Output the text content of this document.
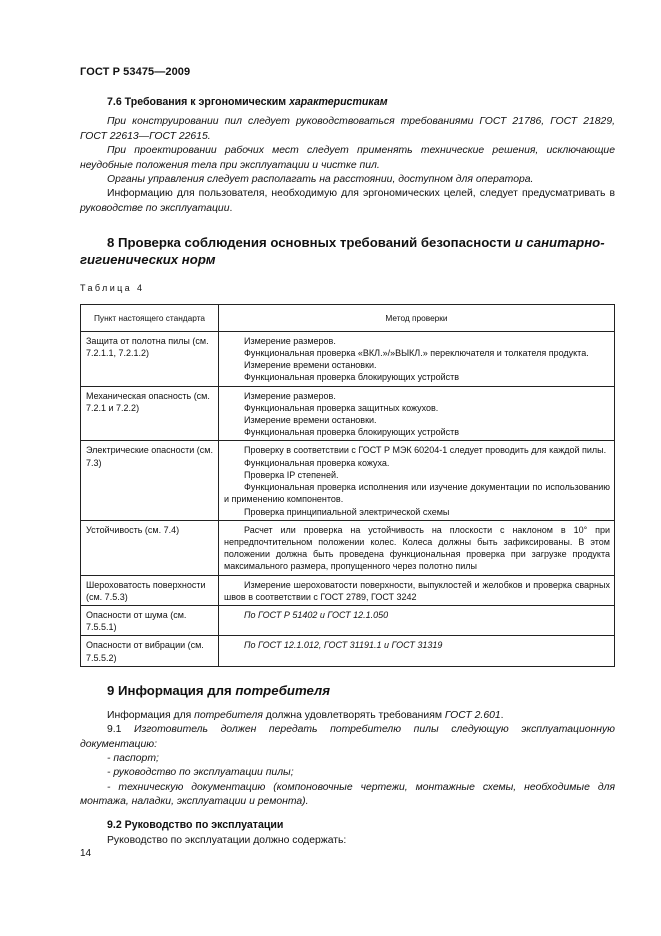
ГОСТ Р 53475—2009
7.6 Требования к эргономическим характеристикам

При конструировании пил следует руководствоваться требованиями ГОСТ 21786, ГОСТ 21829, ГОСТ 22613—ГОСТ 22615.

При проектировании рабочих мест следует применять технические решения, исключающие неудобные положения тела при эксплуатации и чистке пил.

Органы управления следует располагать на расстоянии, доступном для оператора.

Информацию для пользователя, необходимую для эргономических целей, следует предусматривать в руководстве по эксплуатации.

8 Проверка соблюдения основных требований безопасности и санитарно-
гигиенических норм
Таблица 4
Пункт настоящего стандарта	Метод проверки
Защита от полотна пилы (см. 7.2.1.1, 7.2.1.2)	Измерение размеров.
Функциональная проверка «ВКЛ.»/»ВЫКЛ.» переключателя и толкателя продукта.
Измерение времени остановки.
Функциональная проверка блокирующих устройств

Механическая опасность (см. 7.2.1 и 7.2.2)	Измерение размеров.
Функциональная проверка защитных кожухов.
Измерение времени остановки.
Функциональная проверка блокирующих устройств

Электрические опасности (см. 7.3)	Проверку в соответствии с ГОСТ Р МЭК 60204-1 следует проводить для каждой пилы.
Функциональная проверка кожуха.
Проверка IP степеней.
Функциональная проверка исполнения или изучение документации по использованию и применению компонентов.
Проверка принципиальной электрической схемы

Устойчивость (см. 7.4)	Расчет или проверка на устойчивость на плоскости с наклоном в 10° при непредпочтительном положении колес. Колеса должны быть зафиксированы. В этом положении должна быть проведена функциональная проверка при загрузке продукта максимального размера, пропущенного через полотно пилы

Шероховатость поверхности (см. 7.5.3)	Измерение шероховатости поверхности, выпуклостей и желобков и проверка сварных швов в соответствии с ГОСТ 2789, ГОСТ 3242

Опасности от шума (см. 7.5.5.1)	По ГОСТ Р 51402 и ГОСТ 12.1.050

Опасности от вибрации (см. 7.5.5.2)	По ГОСТ 12.1.012, ГОСТ 31191.1 и ГОСТ 31319
9 Информация для потребителя

Информация для потребителя должна удовлетворять требованиям ГОСТ 2.601.

9.1 Изготовитель должен передать потребителю пилы следующую эксплуатационную документацию:

- паспорт;

- руководство по эксплуатации пилы;

- техническую документацию (компоновочные чертежи, монтажные схемы, необходимые для монтажа, наладки, эксплуатации и ремонта).

9.2 Руководство по эксплуатации

Руководство по эксплуатации должно содержать:

14
